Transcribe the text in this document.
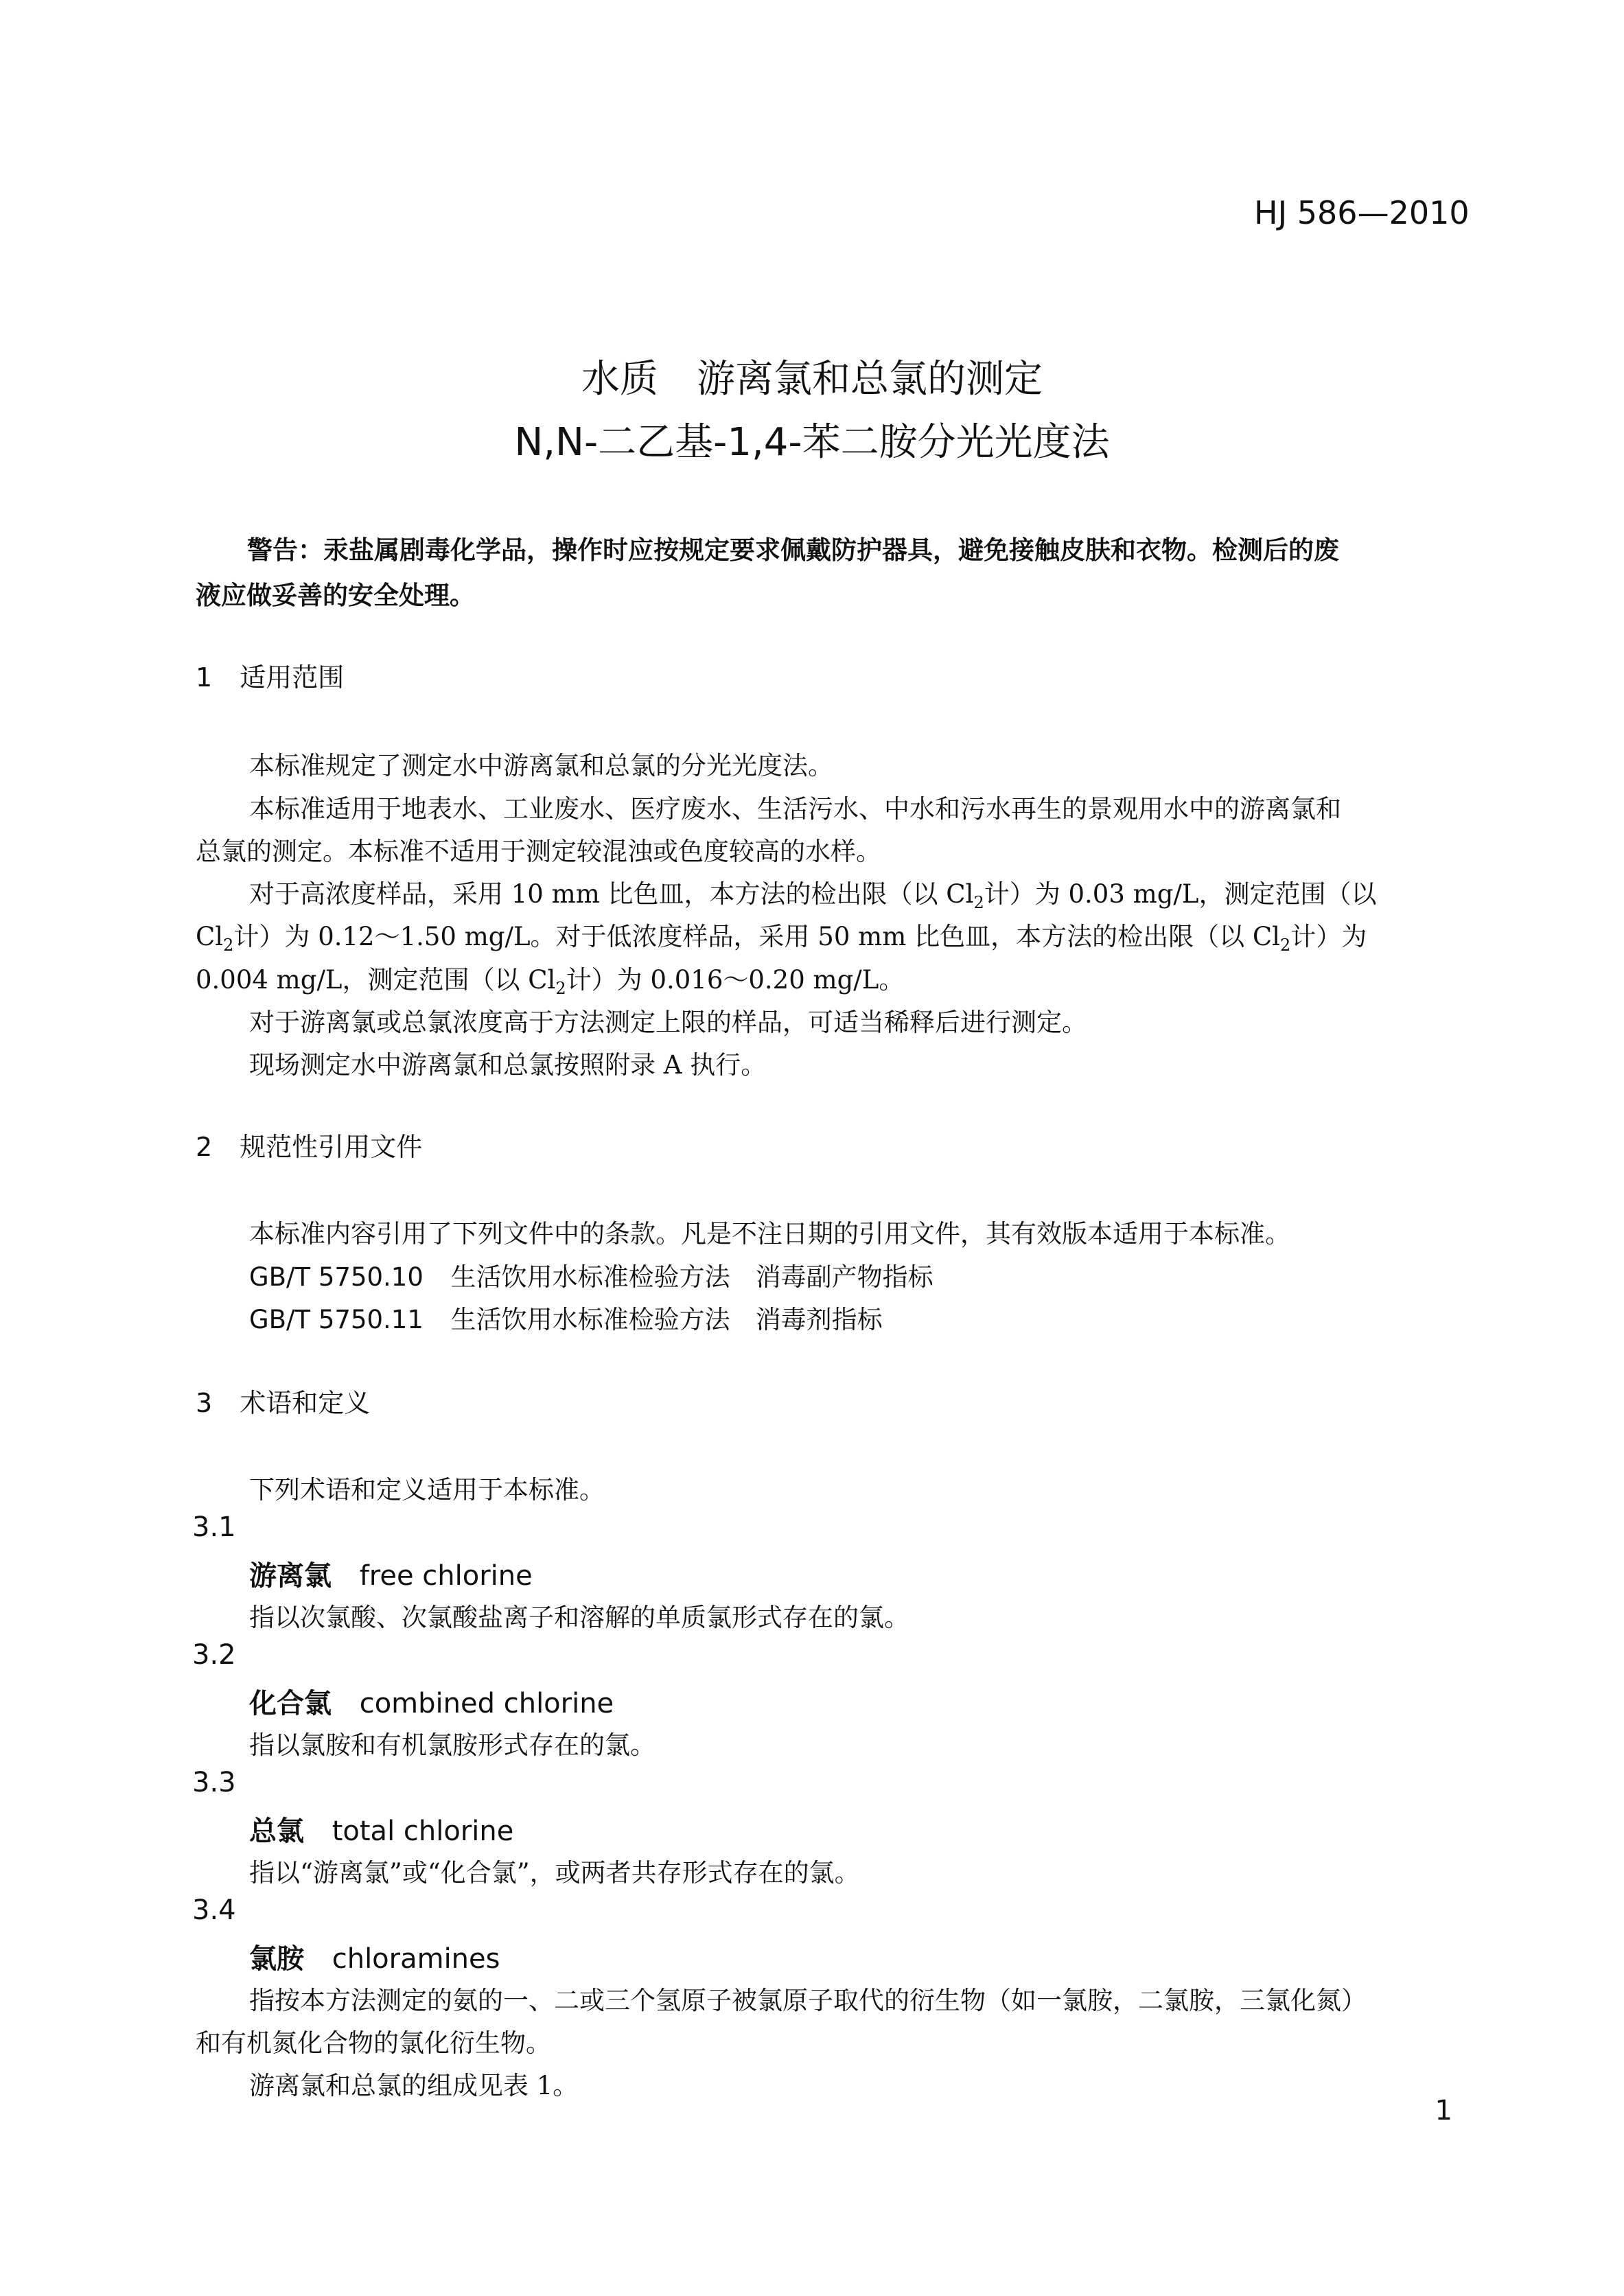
HJ 586—2010
水质　游离氯和总氯的测定
N,N-二乙基-1,4-苯二胺分光光度法
警告：汞盐属剧毒化学品，操作时应按规定要求佩戴防护器具，避免接触皮肤和衣物。检测后的废
液应做妥善的安全处理。
1 适用范围
本标准规定了测定水中游离氯和总氯的分光光度法。
本标准适用于地表水、工业废水、医疗废水、生活污水、中水和污水再生的景观用水中的游离氯和
总氯的测定。本标准不适用于测定较混浊或色度较高的水样。
对于高浓度样品，采用 10 mm 比色皿，本方法的检出限（以 $Cl_2$计）为 0.03 mg/L，测定范围（以
$Cl_2$计）为 0.12～1.50 mg/L。对于低浓度样品，采用 50 mm 比色皿，本方法的检出限（以 $Cl_2$计）为
0.004 mg/L，测定范围（以 $Cl_2$计）为 0.016～0.20 mg/L。
对于游离氯或总氯浓度高于方法测定上限的样品，可适当稀释后进行测定。
现场测定水中游离氯和总氯按照附录 A 执行。
2 规范性引用文件
本标准内容引用了下列文件中的条款。凡是不注日期的引用文件，其有效版本适用于本标准。
GB/T 5750.10 生活饮用水标准检验方法　消毒副产物指标
GB/T 5750.11 生活饮用水标准检验方法　消毒剂指标
3 术语和定义
下列术语和定义适用于本标准。
3.1
游离氯 free chlorine
指以次氯酸、次氯酸盐离子和溶解的单质氯形式存在的氯。
3.2
化合氯 combined chlorine
指以氯胺和有机氯胺形式存在的氯。
3.3
总氯 total chlorine
指以“游离氯”或“化合氯”，或两者共存形式存在的氯。
3.4
氯胺 chloramines
指按本方法测定的氨的一、二或三个氢原子被氯原子取代的衍生物（如一氯胺，二氯胺，三氯化氮）
和有机氮化合物的氯化衍生物。
游离氯和总氯的组成见表 1。
1
